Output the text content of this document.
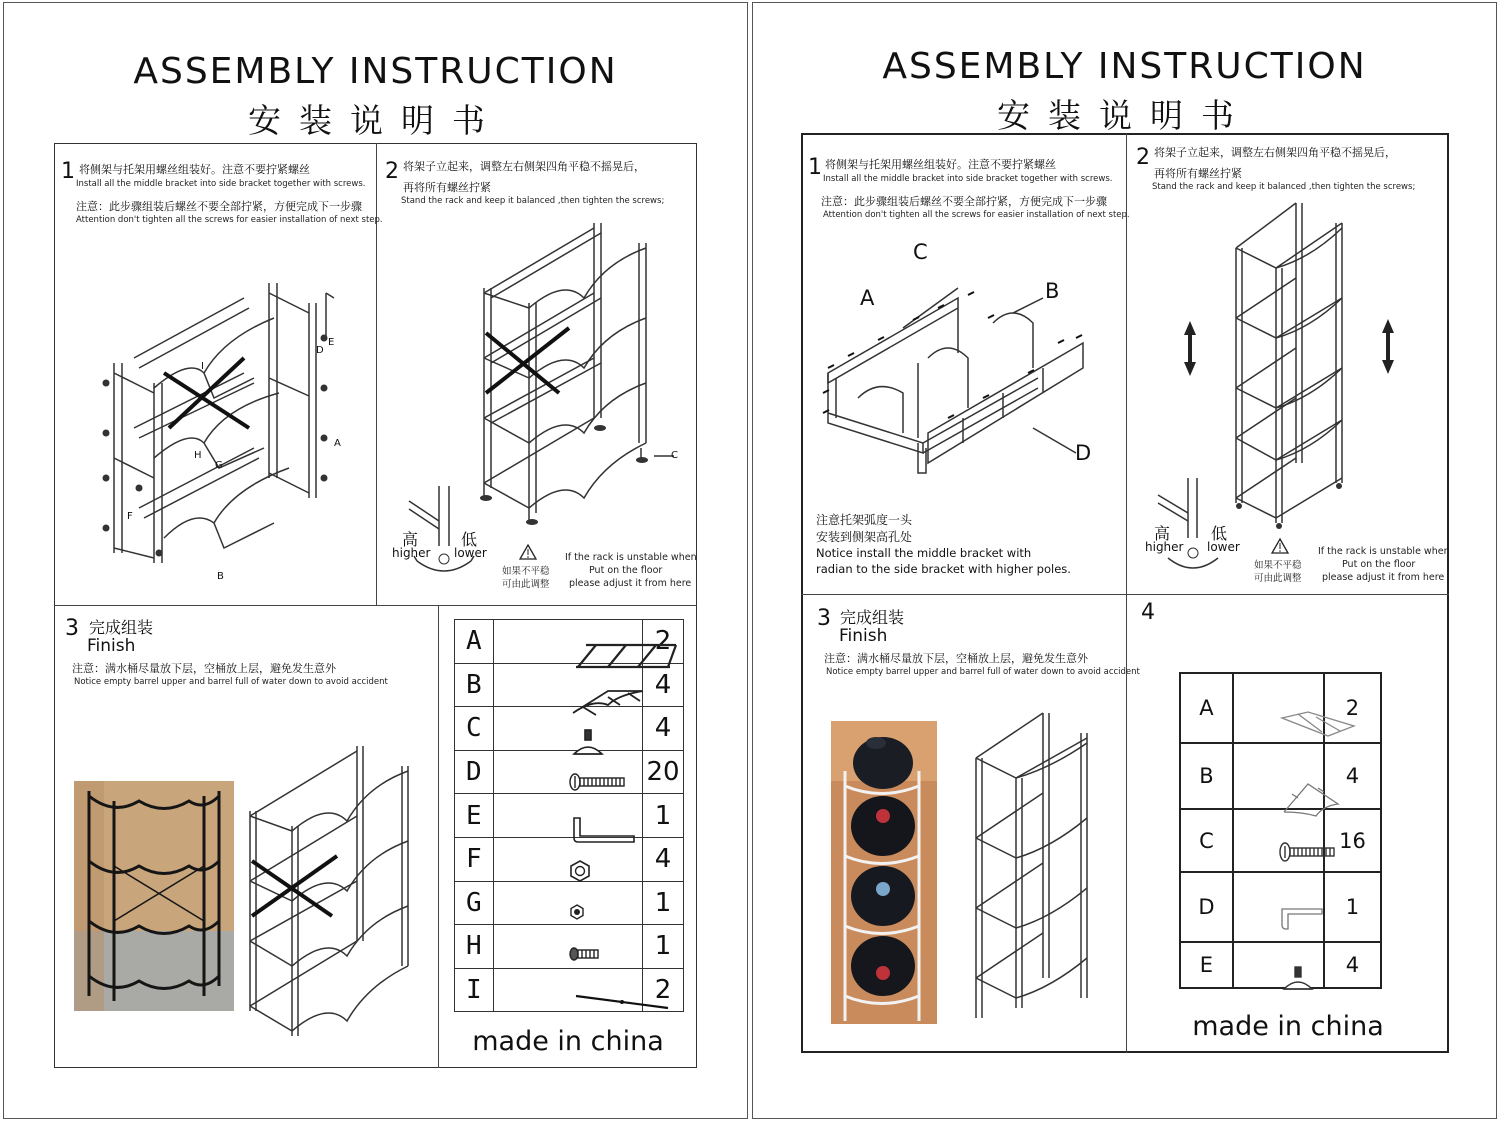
ASSEMBLY INSTRUCTION
安装说明书
1 将侧架与托架用螺丝组装好。注意不要拧紧螺丝
Install all the middle bracket into side bracket together with screws.
注意：此步骤组装后螺丝不要全部拧紧，方便完成下一步骤
Attention don't tighten all the screws for easier installation of next step.
D
E
A
I
H
G
F
B
2 将架子立起来，调整左右侧架四角平稳不摇晃后，
再将所有螺丝拧紧
Stand the rack and keep it balanced ,then tighten the screws;
C
高
higher
低
lower
如果不平稳
可由此调整
If the rack is unstable when
Put on the floor
please adjust it from here
3 完成组装
Finish
注意：满水桶尽量放下层，空桶放上层，避免发生意外
Notice empty barrel upper and barrel full of water down to avoid accident
A		2
B		4
C		4
D		20
E		1
F		4
G		1
H		1
I		2
made in china
ASSEMBLY INSTRUCTION
安装说明书
1 将侧架与托架用螺丝组装好。注意不要拧紧螺丝
Install all the middle bracket into side bracket together with screws.
注意：此步骤组装后螺丝不要全部拧紧，方便完成下一步骤
Attention don't tighten all the screws for easier installation of next step.
C
A	B
D
注意托架弧度一头
安装到侧架高孔处
Notice install the middle bracket with
radian to the side bracket with higher poles.
2 将架子立起来，调整左右侧架四角平稳不摇晃后，
再将所有螺丝拧紧
Stand the rack and keep it balanced ,then tighten the screws;
高
higher
低
lower
如果不平稳
可由此调整
If the rack is unstable when
Put on the floor
please adjust it from here
3 完成组装
Finish
注意：满水桶尽量放下层，空桶放上层，避免发生意外
Notice empty barrel upper and barrel full of water down to avoid accident
4
A		2
B		4
C		16
D		1
E		4
made in china
